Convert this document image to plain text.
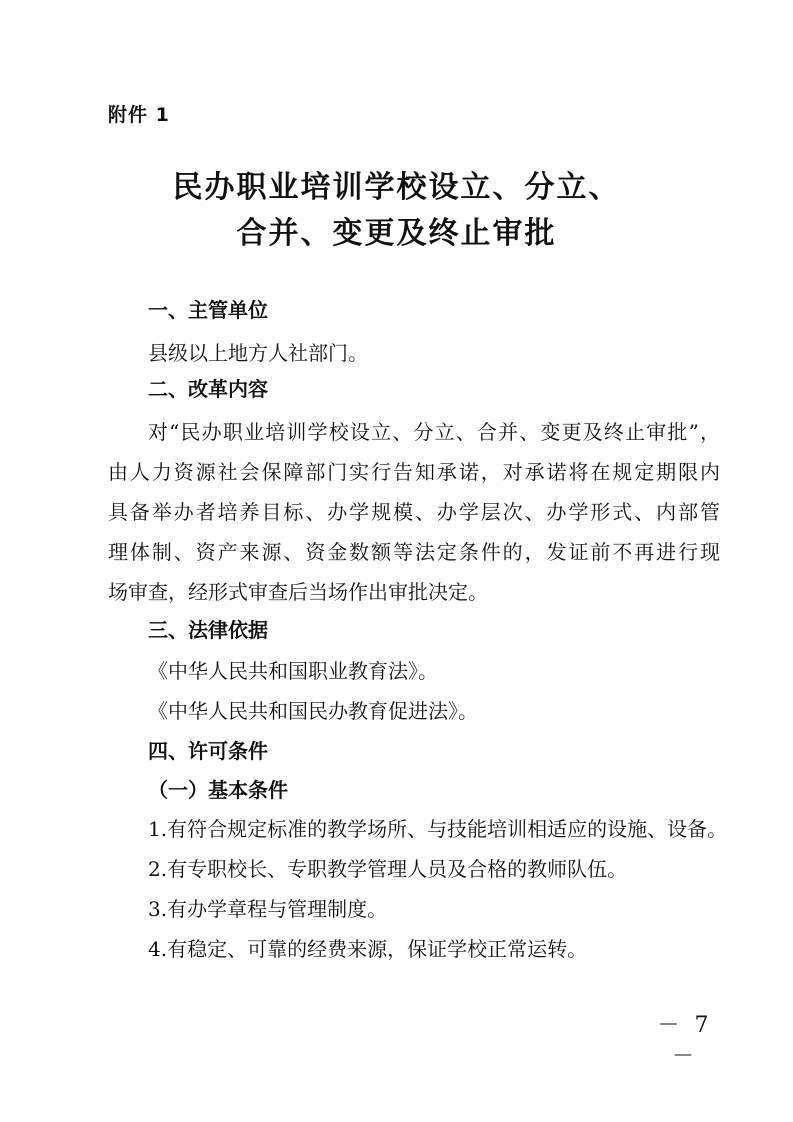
附件 1
民办职业培训学校设立、分立、
合并、变更及终止审批
一、主管单位
县级以上地方人社部门。
二、改革内容
对“民办职业培训学校设立、分立、合并、变更及终止审批”，
由人力资源社会保障部门实行告知承诺，对承诺将在规定期限内
具备举办者培养目标、办学规模、办学层次、办学形式、内部管
理体制、资产来源、资金数额等法定条件的，发证前不再进行现
场审查，经形式审查后当场作出审批决定。
三、法律依据
《中华人民共和国职业教育法》。
《中华人民共和国民办教育促进法》。
四、许可条件
（一）基本条件
1.有符合规定标准的教学场所、与技能培训相适应的设施、设备。
2.有专职校长、专职教学管理人员及合格的教师队伍。
3.有办学章程与管理制度。
4.有稳定、可靠的经费来源，保证学校正常运转。
－ 7 －
